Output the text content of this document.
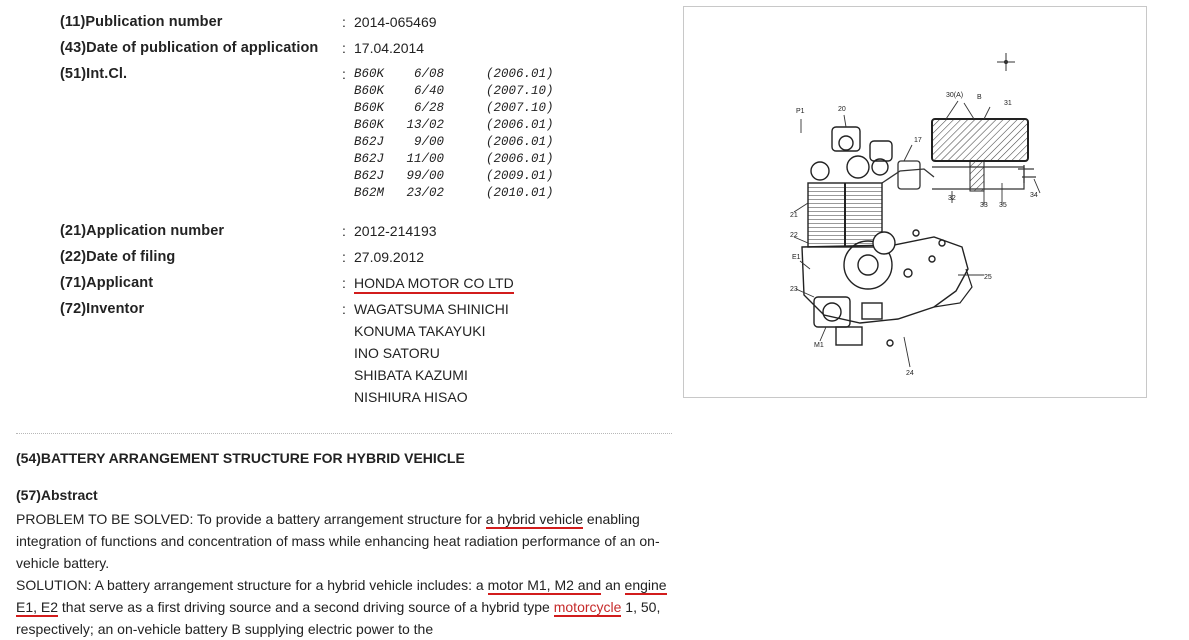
(11)Publication number	: 2014-065469
(43)Date of publication of application : 17.04.2014
(51)Int.Cl.	: B60K	6/08	(2006.01)
B60K	6/40	(2007.10)
B60K	6/28	(2007.10)
B60K 13/02	(2006.01)
B62J	9/00	(2006.01)
B62J 11/00	(2006.01)
B62J 99/00	(2009.01)
B62M 23/02	(2010.01)
(21)Application number	: 2012-214193
(22)Date of filing	: 27.09.2012
(71)Applicant	: HONDA MOTOR CO LTD
(72)Inventor	: WAGATSUMA SHINICHI
KONUMA TAKAYUKI
INO SATORU
SHIBATA KAZUMI
NISHIURA HISAO
(54)BATTERY ARRANGEMENT STRUCTURE FOR HYBRID VEHICLE
(57)Abstract

PROBLEM TO BE SOLVED: To provide a battery arrangement structure for a hybrid vehicle enabling integration of functions and concentration of mass while enhancing heat radiation performance of an on-vehicle battery.

SOLUTION: A battery arrangement structure for a hybrid vehicle includes: a motor M1, M2 and an engine E1, E2 that serve as a first driving source and a second driving source of a hybrid type motorcycle 1, 50, respectively; an on-vehicle battery B supplying electric power to the

P1	20
30(A) B
31
17
21
22
E1
23
M1
24
25
32
33 35
34
